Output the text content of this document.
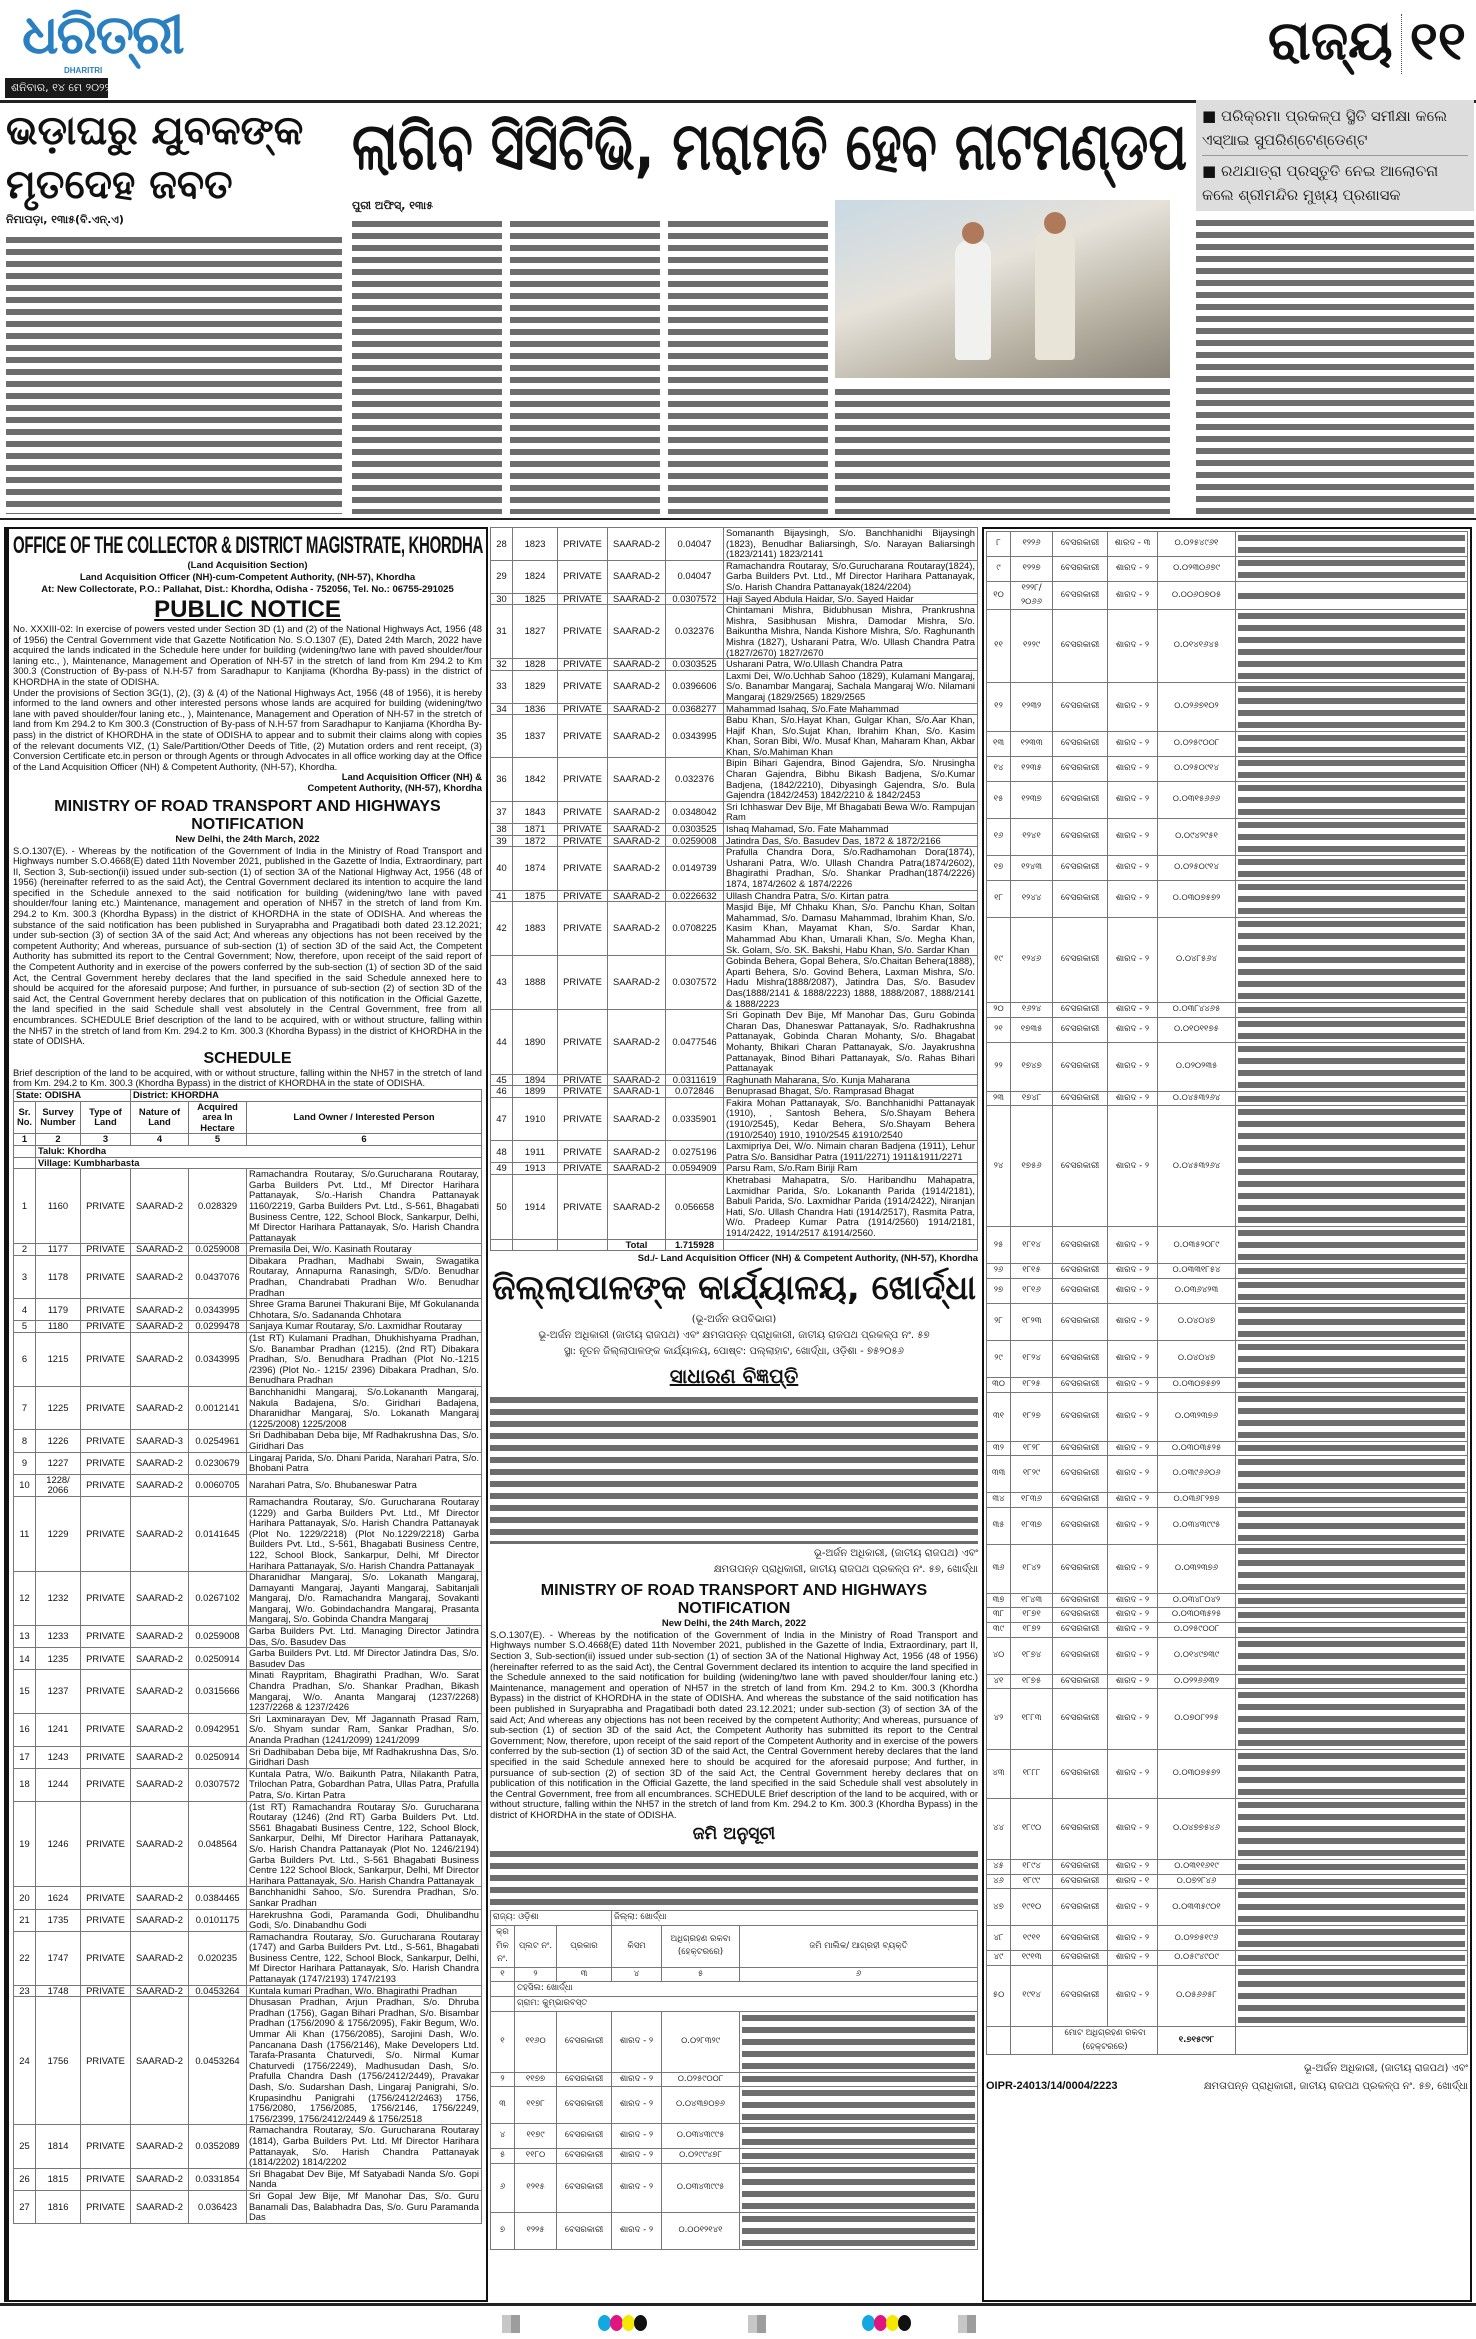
ଧରିତ୍ରୀ
DHARITRI
ଶନିବାର, ୧୪ ମେ ୨୦୨୨
ରାଜ୍ୟ ୧୧
ଭଡ଼ାଘରୁ ଯୁବକଙ୍କ ମୃତଦେହ ଜବତ
ନିମାପଡ଼ା, ୧୩ା୫(ବି.ଏନ୍.ଏ)
ଲାଗିବ ସିସିଟିଭି, ମରାମତି ହେବ ନାଟମଣ୍ଡପ
ପୁରୀ ଅଫିସ୍, ୧୩ା୫
■ ପରିକ୍ରମା ପ୍ରକଳ୍ପ ସ୍ଥିତି ସମୀକ୍ଷା କଲେ ଏସ୍ଆଇ ସୁପରିଣ୍ଟେଣ୍ଡେଣ୍ଟ
■ ରଥଯାତ୍ରା ପ୍ରସ୍ତୁତି ନେଇ ଆଲୋଚନା କଲେ ଶ୍ରୀମନ୍ଦିର ମୁଖ୍ୟ ପ୍ରଶାସକ
OFFICE OF THE COLLECTOR & DISTRICT MAGISTRATE, KHORDHA
(Land Acquisition Section)
Land Acquisition Officer (NH)-cum-Competent Authority, (NH-57), Khordha
At: New Collectorate, P.O.: Pallahat, Dist.: Khordha, Odisha - 752056, Tel. No.: 06755-291025
PUBLIC NOTICE

No. XXXIII-02: In exercise of powers vested under Section 3D (1) and (2) of the National Highways Act, 1956 (48 of 1956) the Central Government vide that Gazette Notification No. S.O.1307 (E), Dated 24th March, 2022 have acquired the lands indicated in the Schedule here under for building (widening/two lane with paved shoulder/four laning etc., ), Maintenance, Management and Operation of NH-57 in the stretch of land from Km 294.2 to Km 300.3 (Construction of By-pass of N.H-57 from Saradhapur to Kanjiama (Khordha By-pass) in the district of KHORDHA in the state of ODISHA.

Under the provisions of Section 3G(1), (2), (3) & (4) of the National Highways Act, 1956 (48 of 1956), it is hereby informed to the land owners and other interested persons whose lands are acquired for building (widening/two lane with paved shoulder/four laning etc., ), Maintenance, Management and Operation of NH-57 in the stretch of land from Km 294.2 to Km 300.3 (Construction of By-pass of N.H-57 from Saradhapur to Kanjiama (Khordha By-pass) in the district of KHORDHA in the state of ODISHA to appear and to submit their claims along with copies of the relevant documents VIZ, (1) Sale/Partition/Other Deeds of Title, (2) Mutation orders and rent receipt, (3) Conversion Certificate etc.in person or through Agents or through Advocates in all office working day at the Office of the Land Acquisition Officer (NH) & Competent Authority, (NH-57), Khordha.

Land Acquisition Officer (NH) &
Competent Authority, (NH-57), Khordha
MINISTRY OF ROAD TRANSPORT AND HIGHWAYS
NOTIFICATION
New Delhi, the 24th March, 2022

S.O.1307(E). - Whereas by the notification of the Government of India in the Ministry of Road Transport and Highways number S.O.4668(E) dated 11th November 2021, published in the Gazette of India, Extraordinary, part II, Section 3, Sub-section(ii) issued under sub-section (1) of section 3A of the National Highway Act, 1956 (48 of 1956) (hereinafter referred to as the said Act), the Central Government declared its intention to acquire the land specified in the Schedule annexed to the said notification for building (widening/two lane with paved shoulder/four laning etc.) Maintenance, management and operation of NH57 in the stretch of land from Km. 294.2 to Km. 300.3 (Khordha Bypass) in the district of KHORDHA in the state of ODISHA. And whereas the substance of the said notification has been published in Suryaprabha and Pragatibadi both dated 23.12.2021; under sub-section (3) of section 3A of the said Act; And whereas any objections has not been received by the competent Authority; And whereas, pursuance of sub-section (1) of section 3D of the said Act, the Competent Authority has submitted its report to the Central Government; Now, therefore, upon receipt of the said report of the Competent Authority and in exercise of the powers conferred by the sub-section (1) of section 3D of the said Act, the Central Government hereby declares that the land specified in the said Schedule annexed here to should be acquired for the aforesaid purpose; And further, in pursuance of sub-section (2) of section 3D of the said Act, the Central Government hereby declares that on publication of this notification in the Official Gazette, the land specified in the said Schedule shall vest absolutely in the Central Government, free from all encumbrances. SCHEDULE Brief description of the land to be acquired, with or without structure, falling within the NH57 in the stretch of land from Km. 294.2 to Km. 300.3 (Khordha Bypass) in the district of KHORDHA in the state of ODISHA.

SCHEDULE

Brief description of the land to be acquired, with or without structure, falling within the NH57 in the stretch of land from Km. 294.2 to Km. 300.3 (Khordha Bypass) in the district of KHORDHA in the state of ODISHA.

State: ODISHA			District: KHORDHA		
Sr. No.	Survey Number	Type of Land	Nature of Land	Acquired area In Hectare	Land Owner / Interested Person
1	2	3	4	5	6
	Taluk: Khordha				
	Village: Kumbharbasta				
1	1160	PRIVATE	SAARAD-2	0.028329	Ramachandra Routaray, S/o.Gurucharana Routaray, Garba Builders Pvt. Ltd., Mf Director Harihara Pattanayak, S/o.-Harish Chandra Pattanayak 1160/2219, Garba Builders Pvt. Ltd., S-561, Bhagabati Business Centre, 122, School Block, Sankarpur, Delhi, Mf Director Harihara Pattanayak, S/o. Harish Chandra Pattanayak
2	1177	PRIVATE	SAARAD-2	0.0259008	Premasila Dei, W/o. Kasinath Routaray
3	1178	PRIVATE	SAARAD-2	0.0437076	Dibakara Pradhan, Madhabi Swain, Swagatika Routaray, Annapurna Ranasingh, S/D/o. Benudhar Pradhan, Chandrabati Pradhan W/o. Benudhar Pradhan
4	1179	PRIVATE	SAARAD-2	0.0343995	Shree Grama Barunei Thakurani Bije, Mf Gokulananda Chhotara, S/o. Sadananda Chhotara
5	1180	PRIVATE	SAARAD-2	0.0299478	Sanjaya Kumar Routaray, S/o. Laxmidhar Routaray
6	1215	PRIVATE	SAARAD-2	0.0343995	(1st RT) Kulamani Pradhan, Dhukhishyama Pradhan, S/o. Banambar Pradhan (1215). (2nd RT) Dibakara Pradhan, S/o. Benudhara Pradhan (Plot No.-1215 /2396) (Plot No.- 1215/ 2396) Dibakara Pradhan, S/o. Benudhara Pradhan
7	1225	PRIVATE	SAARAD-2	0.0012141	Banchhanidhi Mangaraj, S/o.Lokananth Mangaraj, Nakula Badajena, S/o. Giridhari Badajena, Dharanidhar Mangaraj, S/o. Lokanath Mangaraj (1225/2008) 1225/2008
8	1226	PRIVATE	SAARAD-3	0.0254961	Sri Dadhibaban Deba bije, Mf Radhakrushna Das, S/o. Giridhari Das
9	1227	PRIVATE	SAARAD-2	0.0230679	Lingaraj Parida, S/o. Dhani Parida, Narahari Patra, S/o. Bhobani Patra
10	1228/ 2066	PRIVATE	SAARAD-2	0.0060705	Narahari Patra, S/o. Bhubaneswar Patra
11	1229	PRIVATE	SAARAD-2	0.0141645	Ramachandra Routaray, S/o. Gurucharana Routaray (1229) and Garba Builders Pvt. Ltd., Mf Director Harihara Pattanayak, S/o. Harish Chandra Pattanayak (Plot No. 1229/2218) (Plot No.1229/2218) Garba Builders Pvt. Ltd., S-561, Bhagabati Business Centre, 122, School Block, Sankarpur, Delhi, Mf Director Harihara Pattanayak, S/o. Harish Chandra Pattanayak
12	1232	PRIVATE	SAARAD-2	0.0267102	Dharanidhar Mangaraj, S/o. Lokanath Mangaraj, Damayanti Mangaraj, Jayanti Mangaraj, Sabitanjali Mangaraj, D/o. Ramachandra Mangaraj, Sovakanti Mangaraj, W/o. Gobindachandra Mangaraj, Prasanta Mangaraj, S/o. Gobinda Chandra Mangaraj
13	1233	PRIVATE	SAARAD-2	0.0259008	Garba Builders Pvt. Ltd. Managing Director Jatindra Das, S/o. Basudev Das
14	1235	PRIVATE	SAARAD-2	0.0250914	Garba Builders Pvt. Ltd. Mf Director Jatindra Das, S/o. Basudev Das
15	1237	PRIVATE	SAARAD-2	0.0315666	Minati Raypritam, Bhagirathi Pradhan, W/o. Sarat Chandra Pradhan, S/o. Shankar Pradhan, Bikash Mangaraj, W/o. Ananta Mangaraj (1237/2268) 1237/2268 & 1237/2426
16	1241	PRIVATE	SAARAD-2	0.0942951	Sri Laxminarayan Dev, Mf Jagannath Prasad Ram, S/o. Shyam sundar Ram, Sankar Pradhan, S/o. Ananda Pradhan (1241/2099) 1241/2099
17	1243	PRIVATE	SAARAD-2	0.0250914	Sri Dadhibaban Deba bije, Mf Radhakrushna Das, S/o. Giridhari Dash
18	1244	PRIVATE	SAARAD-2	0.0307572	Kuntala Patra, W/o. Baikunth Patra, Nilakanth Patra, Trilochan Patra, Gobardhan Patra, Ullas Patra, Prafulla Patra, S/o. Kirtan Patra
19	1246	PRIVATE	SAARAD-2	0.048564	(1st RT) Ramachandra Routaray S/o. Gurucharana Routaray (1246) (2nd RT) Garba Builders Pvt. Ltd. S561 Bhagabati Business Centre, 122, School Block, Sankarpur, Delhi, Mf Director Harihara Pattanayak, S/o. Harish Chandra Pattanayak (Plot No. 1246/2194) Garba Builders Pvt. Ltd., S-561 Bhagabati Business Centre 122 School Block, Sankarpur, Delhi, Mf Director Harihara Pattanayak, S/o. Harish Chandra Pattanayak
20	1624	PRIVATE	SAARAD-2	0.0384465	Banchhanidhi Sahoo, S/o. Surendra Pradhan, S/o. Sankar Pradhan
21	1735	PRIVATE	SAARAD-2	0.0101175	Harekrushna Godi, Paramanda Godi, Dhulibandhu Godi, S/o. Dinabandhu Godi
22	1747	PRIVATE	SAARAD-2	0.020235	Ramachandra Routaray, S/o. Gurucharana Routaray (1747) and Garba Builders Pvt. Ltd., S-561, Bhagabati Business Centre, 122, School Block, Sankarpur, Delhi, Mf Director Harihara Pattanayak, S/o. Harish Chandra Pattanayak (1747/2193) 1747/2193
23	1748	PRIVATE	SAARAD-2	0.0453264	Kuntala kumari Pradhan, W/o. Bhagirathi Pradhan
24	1756	PRIVATE	SAARAD-2	0.0453264	Dhusasan Pradhan, Arjun Pradhan, S/o. Dhruba Pradhan (1756), Gagan Bihari Pradhan, S/o. Bisambar Pradhan (1756/2090 & 1756/2095), Fakir Begum, W/o. Ummar Ali Khan (1756/2085), Sarojini Dash, W/o. Pancanana Dash (1756/2146), Make Developers Ltd. Tarafa-Prasanta Chaturvedi, S/o. Nirmal Kumar Chaturvedi (1756/2249), Madhusudan Dash, S/o. Prafulla Chandra Dash (1756/2412/2449), Pravakar Dash, S/o. Sudarshan Dash, Lingaraj Panigrahi, S/o. Krupasindhu Panigrahi (1756/2412/2463) 1756, 1756/2080, 1756/2085, 1756/2146, 1756/2249, 1756/2399, 1756/2412/2449 & 1756/2518
25	1814	PRIVATE	SAARAD-2	0.0352089	Ramachandra Routaray, S/o. Gurucharana Routaray (1814), Garba Builders Pvt. Ltd. Mf Director Harihara Pattanayak, S/o. Harish Chandra Pattanayak (1814/2202) 1814/2202
26	1815	PRIVATE	SAARAD-2	0.0331854	Sri Bhagabat Dev Bije, Mf Satyabadi Nanda S/o. Gopi Nanda
27	1816	PRIVATE	SAARAD-2	0.036423	Sri Gopal Jew Bije, Mf Manohar Das, S/o. Guru Banamali Das, Balabhadra Das, S/o. Guru Paramanda Das
28	1823	PRIVATE	SAARAD-2	0.04047	Somananth Bijaysingh, S/o. Banchhanidhi Bijaysingh (1823), Benudhar Baliarsingh, S/o. Narayan Baliarsingh (1823/2141) 1823/2141
29	1824	PRIVATE	SAARAD-2	0.04047	Ramachandra Routaray, S/o.Gurucharana Routaray(1824), Garba Builders Pvt. Ltd., Mf Director Harihara Pattanayak, S/o. Harish Chandra Pattanayak(1824/2204)
30	1825	PRIVATE	SAARAD-2	0.0307572	Haji Sayed Abdula Haidar, S/o. Sayed Haidar
31	1827	PRIVATE	SAARAD-2	0.032376	Chintamani Mishra, Bidubhusan Mishra, Prankrushna Mishra, Sasibhusan Mishra, Damodar Mishra, S/o. Baikuntha Mishra, Nanda Kishore Mishra, S/o. Raghunanth Mishra (1827), Usharani Patra, W/o. Ullash Chandra Patra (1827/2670) 1827/2670
32	1828	PRIVATE	SAARAD-2	0.0303525	Usharani Patra, W/o.Ullash Chandra Patra
33	1829	PRIVATE	SAARAD-2	0.0396606	Laxmi Dei, W/o.Uchhab Sahoo (1829), Kulamani Mangaraj, S/o. Banambar Mangaraj, Sachala Mangaraj W/o. Nilamani Mangaraj (1829/2565) 1829/2565
34	1836	PRIVATE	SAARAD-2	0.0368277	Mahammad Isahaq, S/o.Fate Mahammad
35	1837	PRIVATE	SAARAD-2	0.0343995	Babu Khan, S/o.Hayat Khan, Gulgar Khan, S/o.Aar Khan, Hajif Khan, S/o.Sujat Khan, Ibrahim Khan, S/o. Kasim Khan, Soran Bibi, W/o. Musaf Khan, Maharam Khan, Akbar Khan, S/o.Mahiman Khan
36	1842	PRIVATE	SAARAD-2	0.032376	Bipin Bihari Gajendra, Binod Gajendra, S/o. Nrusingha Charan Gajendra, Bibhu Bikash Badjena, S/o.Kumar Badjena, (1842/2210), Dibyasingh Gajendra, S/o. Bula Gajendra (1842/2453) 1842/2210 & 1842/2453
37	1843	PRIVATE	SAARAD-2	0.0348042	Sri Ichhaswar Dev Bije, Mf Bhagabati Bewa W/o. Rampujan Ram
38	1871	PRIVATE	SAARAD-2	0.0303525	Ishaq Mahamad, S/o. Fate Mahammad
39	1872	PRIVATE	SAARAD-2	0.0259008	Jatindra Das, S/o. Basudev Das, 1872 & 1872/2166
40	1874	PRIVATE	SAARAD-2	0.0149739	Prafulla Chandra Dora, S/o.Radhamohan Dora(1874), Usharani Patra, W/o. Ullash Chandra Patra(1874/2602), Bhagirathi Pradhan, S/o. Shankar Pradhan(1874/2226) 1874, 1874/2602 & 1874/2226
41	1875	PRIVATE	SAARAD-2	0.0226632	Ullash Chandra Patra, S/o. Kirtan patra
42	1883	PRIVATE	SAARAD-2	0.0708225	Masjid Bije, Mf Chhaku Khan, S/o. Panchu Khan, Soltan Mahammad, S/o. Damasu Mahammad, Ibrahim Khan, S/o. Kasim Khan, Mayamat Khan, S/o. Sardar Khan, Mahammad Abu Khan, Umarali Khan, S/o. Megha Khan, Sk. Golam, S/o. SK. Bakshi, Habu Khan, S/o. Sardar Khan
43	1888	PRIVATE	SAARAD-2	0.0307572	Gobinda Behera, Gopal Behera, S/o.Chaitan Behera(1888), Aparti Behera, S/o. Govind Behera, Laxman Mishra, S/o. Hadu Mishra(1888/2087), Jatindra Das, S/o. Basudev Das(1888/2141 & 1888/2223) 1888, 1888/2087, 1888/2141 & 1888/2223
44	1890	PRIVATE	SAARAD-2	0.0477546	Sri Gopinath Dev Bije, Mf Manohar Das, Guru Gobinda Charan Das, Dhaneswar Pattanayak, S/o. Radhakrushna Pattanayak, Gobinda Charan Mohanty, S/o. Bhagabat Mohanty, Bhikari Charan Pattanayak, S/o. Jayakrushna Pattanayak, Binod Bihari Pattanayak, S/o. Rahas Bihari Pattanayak
45	1894	PRIVATE	SAARAD-2	0.0311619	Raghunath Maharana, S/o. Kunja Maharana
46	1899	PRIVATE	SAARAD-1	0.072846	Benuprasad Bhagat, S/o. Ramprasad Bhagat
47	1910	PRIVATE	SAARAD-2	0.0335901	Fakira Mohan Pattanayak, S/o. Banchhanidhi Pattanayak (1910), , Santosh Behera, S/o.Shayam Behera (1910/2545), Kedar Behera, S/o.Shayam Behera (1910/2540) 1910, 1910/2545 &1910/2540
48	1911	PRIVATE	SAARAD-2	0.0275196	Laxmipriya Dei, W/o. Nimain charan Badjena (1911), Lehur Patra S/o. Bansidhar Patra (1911/2271) 1911&1911/2271
49	1913	PRIVATE	SAARAD-2	0.0594909	Parsu Ram, S/o.Ram Biriji Ram
50	1914	PRIVATE	SAARAD-2	0.056658	Khetrabasi Mahapatra, S/o. Haribandhu Mahapatra, Laxmidhar Parida, S/o. Lokananth Parida (1914/2181), Babuli Parida, S/o. Laxmidhar Parida (1914/2422), Niranjan Hati, S/o. Ullash Chandra Hati (1914/2517), Rasmita Patra, W/o. Pradeep Kumar Patra (1914/2560) 1914/2181, 1914/2422, 1914/2517 &1914/2560.
			Total	1.715928	
Sd./- Land Acquisition Officer (NH) & Competent Authority, (NH-57), Khordha
ଜିଲ୍ଲାପାଳଙ୍କ କାର୍ଯ୍ୟାଳୟ, ଖୋର୍ଦ୍ଧା
(ଭୂ-ଅର୍ଜନ ଉପବିଭାଗ)
ଭୂ-ଅର୍ଜନ ଅଧିକାରୀ (ଜାତୀୟ ରାଜପଥ) ଏବଂ କ୍ଷମତାପନ୍ନ ପ୍ରାଧିକାରୀ, ଜାତୀୟ ରାଜପଥ ପ୍ରକଳ୍ପ ନଂ. ୫୭
ସ୍ଥା: ନୂତନ ଜିଲ୍ଲାପାଳଙ୍କ କାର୍ଯ୍ୟାଳୟ, ପୋଷ୍ଟ: ପଲ୍ଲାହାଟ, ଖୋର୍ଦ୍ଧା, ଓଡ଼ିଶା - ୭୫୨୦୫୬
ସାଧାରଣ ବିଜ୍ଞପ୍ତି
ଭୂ-ଅର୍ଜନ ଅଧିକାରୀ, (ଜାତୀୟ ରାଜପଥ) ଏବଂ
କ୍ଷମତାପନ୍ନ ପ୍ରାଧିକାରୀ, ଜାତୀୟ ରାଜପଥ ପ୍ରକଳ୍ପ ନଂ. ୫୭, ଖୋର୍ଦ୍ଧା
MINISTRY OF ROAD TRANSPORT AND HIGHWAYS
NOTIFICATION
New Delhi, the 24th March, 2022

S.O.1307(E). - Whereas by the notification of the Government of India in the Ministry of Road Transport and Highways number S.O.4668(E) dated 11th November 2021, published in the Gazette of India, Extraordinary, part II, Section 3, Sub-section(ii) issued under sub-section (1) of section 3A of the National Highway Act, 1956 (48 of 1956) (hereinafter referred to as the said Act), the Central Government declared its intention to acquire the land specified in the Schedule annexed to the said notification for building (widening/two lane with paved shoulder/four laning etc.) Maintenance, management and operation of NH57 in the stretch of land from Km. 294.2 to Km. 300.3 (Khordha Bypass) in the district of KHORDHA in the state of ODISHA. And whereas the substance of the said notification has been published in Suryaprabha and Pragatibadi both dated 23.12.2021; under sub-section (3) of section 3A of the said Act; And whereas any objections has not been received by the competent Authority; And whereas, pursuance of sub-section (1) of section 3D of the said Act, the Competent Authority has submitted its report to the Central Government; Now, therefore, upon receipt of the said report of the Competent Authority and in exercise of the powers conferred by the sub-section (1) of section 3D of the said Act, the Central Government hereby declares that the land specified in the said Schedule annexed here to should be acquired for the aforesaid purpose; And further, in pursuance of sub-section (2) of section 3D of the said Act, the Central Government hereby declares that on publication of this notification in the Official Gazette, the land specified in the said Schedule shall vest absolutely in the Central Government, free from all encumbrances. SCHEDULE Brief description of the land to be acquired, with or without structure, falling within the NH57 in the stretch of land from Km. 294.2 to Km. 300.3 (Khordha Bypass) in the district of KHORDHA in the state of ODISHA.

ଜମି ଅନୁସୂଚୀ
ରାଜ୍ୟ: ଓଡ଼ିଶା			ଜିଲ୍ଲା: ଖୋର୍ଦ୍ଧା		
କ୍ରମିକ ନଂ.	ପ୍ଲଟ ନଂ.	ପ୍ରକାର	କିସମ	ଅଧିଗ୍ରହଣ ରକବା (ହେକ୍ଟରରେ)	ଜମି ମାଲିକ/ ଆଗ୍ରହୀ ବ୍ୟକ୍ତି
୧	୨	୩	୪	୫	୬
	ତହସିଲ: ଖୋର୍ଦ୍ଧା				
	ଗ୍ରାମ: କୁମ୍ଭାରବସ୍ତ				
୧	୧୧୬୦	ବେସରକାରୀ	ଶାରଦ - ୨	୦.୦୨୮୩୨୯	

୨	୧୧୭୭	ବେସରକାରୀ	ଶାରଦ - ୨	୦.୦୨୫୯୦୦୮	

୩	୧୧୭୮	ବେସରକାରୀ	ଶାରଦ - ୨	୦.୦୪୩୭୦୭୬	

୪	୧୧୭୯	ବେସରକାରୀ	ଶାରଦ - ୨	୦.୦୩୪୩୯୯୫	

୫	୧୧୮୦	ବେସରକାରୀ	ଶାରଦ - ୨	୦.୦୨୯୯୪୭୮	

୬	୧୨୧୫	ବେସରକାରୀ	ଶାରଦ - ୨	୦.୦୩୪୩୯୯୫	

୭	୧୨୨୫	ବେସରକାରୀ	ଶାରଦ - ୨	୦.୦୦୧୨୧୪୧	
୮	୧୨୨୬	ବେସରକାରୀ	ଶାରଦ - ୩	୦.୦୨୫୪୯୬୧	

୯	୧୨୨୭	ବେସରକାରୀ	ଶାରଦ - ୨	୦.୦୨୩୦୬୭୯	

୧୦	୧୨୨୮/ ୨୦୬୬	ବେସରକାରୀ	ଶାରଦ - ୨	୦.୦୦୬୦୭୦୫	

୧୧	୧୨୨୯	ବେସରକାରୀ	ଶାରଦ - ୨	୦.୦୧୪୧୬୪୫	

୧୨	୧୨୩୨	ବେସରକାରୀ	ଶାରଦ - ୨	୦.୦୨୬୭୧୦୨	

୧୩	୧୨୩୩	ବେସରକାରୀ	ଶାରଦ - ୨	୦.୦୨୫୯୦୦୮	

୧୪	୧୨୩୫	ବେସରକାରୀ	ଶାରଦ - ୨	୦.୦୨୫୦୯୧୪	

୧୫	୧୨୩୭	ବେସରକାରୀ	ଶାରଦ - ୨	୦.୦୩୧୫୬୬୬	

୧୬	୧୨୪୧	ବେସରକାରୀ	ଶାରଦ - ୨	୦.୦୯୪୨୯୫୧	

୧୭	୧୨୪୩	ବେସରକାରୀ	ଶାରଦ - ୨	୦.୦୨୫୦୯୧୪	

୧୮	୧୨୪୪	ବେସରକାରୀ	ଶାରଦ - ୨	୦.୦୩୦୭୫୭୨	

୧୯	୧୨୪୬	ବେସରକାରୀ	ଶାରଦ - ୨	୦.୦୪୮୫୬୪	

୨୦	୧୬୨୪	ବେସରକାରୀ	ଶାରଦ - ୨	୦.୦୩୮୪୪୬୫	

୨୧	୧୭୩୫	ବେସରକାରୀ	ଶାରଦ - ୨	୦.୦୧୦୧୧୭୫	

୨୨	୧୭୪୭	ବେସରକାରୀ	ଶାରଦ - ୨	୦.୦୨୦୨୩୫	

୨୩	୧୭୪୮	ବେସରକାରୀ	ଶାରଦ - ୨	୦.୦୪୫୩୨୬୪	

୨୪	୧୭୫୬	ବେସରକାରୀ	ଶାରଦ - ୨	୦.୦୪୫୩୨୬୪	

୨୫	୧୮୧୪	ବେସରକାରୀ	ଶାରଦ - ୨	୦.୦୩୫୨୦୮୯	

୨୬	୧୮୧୫	ବେସରକାରୀ	ଶାରଦ - ୨	୦.୦୩୩୧୮୫୪	

୨୭	୧୮୧୬	ବେସରକାରୀ	ଶାରଦ - ୨	୦.୦୩୬୪୨୩	

୨୮	୧୮୨୩	ବେସରକାରୀ	ଶାରଦ - ୨	୦.୦୪୦୪୭	

୨୯	୧୮୨୪	ବେସରକାରୀ	ଶାରଦ - ୨	୦.୦୪୦୪୭	

୩୦	୧୮୨୫	ବେସରକାରୀ	ଶାରଦ - ୨	୦.୦୩୦୭୫୭୨	

୩୧	୧୮୨୭	ବେସରକାରୀ	ଶାରଦ - ୨	୦.୦୩୨୩୭୬	

୩୨	୧୮୨୮	ବେସରକାରୀ	ଶାରଦ - ୨	୦.୦୩୦୩୫୨୫	

୩୩	୧୮୨୯	ବେସରକାରୀ	ଶାରଦ - ୨	୦.୦୩୯୬୬୦୬	

୩୪	୧୮୩୬	ବେସରକାରୀ	ଶାରଦ - ୨	୦.୦୩୬୮୨୭୭	

୩୫	୧୮୩୭	ବେସରକାରୀ	ଶାରଦ - ୨	୦.୦୩୪୩୯୯୫	

୩୬	୧୮୪୨	ବେସରକାରୀ	ଶାରଦ - ୨	୦.୦୩୨୩୭୬	

୩୭	୧୮୪୩	ବେସରକାରୀ	ଶାରଦ - ୨	୦.୦୩୪୮୦୪୨	

୩୮	୧୮୭୧	ବେସରକାରୀ	ଶାରଦ - ୨	୦.୦୩୦୩୫୨୫	

୩୯	୧୮୭୨	ବେସରକାରୀ	ଶାରଦ - ୨	୦.୦୨୫୯୦୦୮	

୪୦	୧୮୭୪	ବେସରକାରୀ	ଶାରଦ - ୨	୦.୦୧୪୯୭୩୯	

୪୧	୧୮୭୫	ବେସରକାରୀ	ଶାରଦ - ୨	୦.୦୨୨୬୬୩୨	

୪୨	୧୮୮୩	ବେସରକାରୀ	ଶାରଦ - ୨	୦.୦୭୦୮୨୨୫	

୪୩	୧୮୮୮	ବେସରକାରୀ	ଶାରଦ - ୨	୦.୦୩୦୭୫୭୨	

୪୪	୧୮୯୦	ବେସରକାରୀ	ଶାରଦ - ୨	୦.୦୪୭୭୫୪୬	

୪୫	୧୮୯୪	ବେସରକାରୀ	ଶାରଦ - ୨	୦.୦୩୧୧୬୧୯	

୪୬	୧୮୯୯	ବେସରକାରୀ	ଶାରଦ - ୧	୦.୦୭୨୮୪୬	

୪୭	୧୯୧୦	ବେସରକାରୀ	ଶାରଦ - ୨	୦.୦୩୩୫୯୦୧	

୪୮	୧୯୧୧	ବେସରକାରୀ	ଶାରଦ - ୨	୦.୦୨୭୫୧୯୬	

୪୯	୧୯୧୩	ବେସରକାରୀ	ଶାରଦ - ୨	୦.୦୫୯୪୯୦୯	

୫୦	୧୯୧୪	ବେସରକାରୀ	ଶାରଦ - ୨	୦.୦୫୬୬୫୮	

		ମୋଟ ଅଧିଗ୍ରହଣ ରକବା (ହେକ୍ଟରରେ)		୧.୭୧୫୯୨୮	
ଭୂ-ଅର୍ଜନ ଅଧିକାରୀ, (ଜାତୀୟ ରାଜପଥ) ଏବଂ
OIPR-24013/14/0004/2223	କ୍ଷମତାପନ୍ନ ପ୍ରାଧିକାରୀ, ଜାତୀୟ ରାଜପଥ ପ୍ରକଳ୍ପ ନଂ. ୫୭, ଖୋର୍ଦ୍ଧା
